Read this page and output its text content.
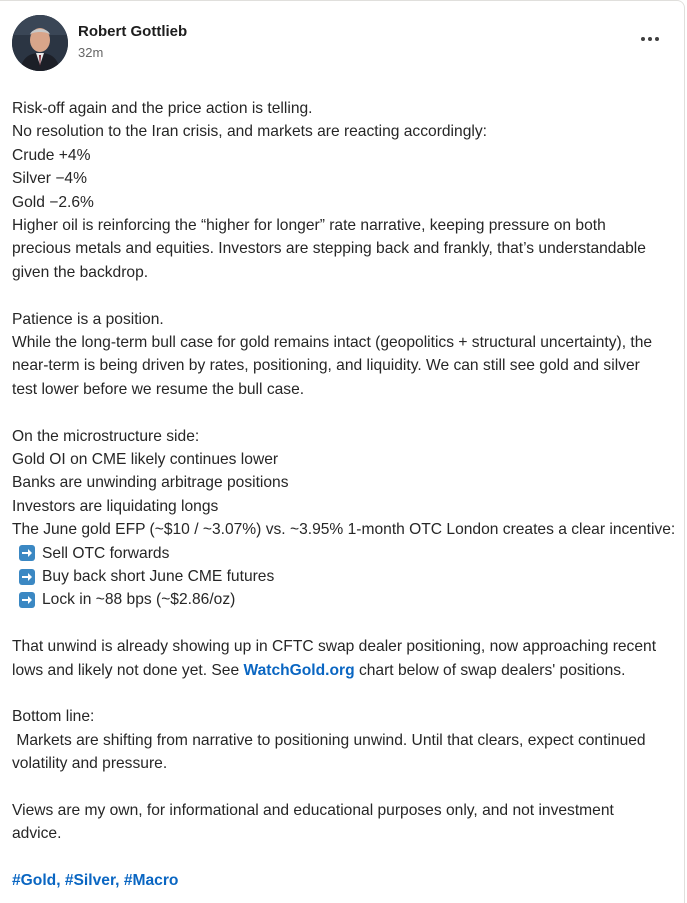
Robert Gottlieb
32m
Risk-off again and the price action is telling.
No resolution to the Iran crisis, and markets are reacting accordingly:
Crude +4%
Silver −4%
Gold −2.6%
Higher oil is reinforcing the “higher for longer” rate narrative, keeping pressure on both
precious metals and equities. Investors are stepping back and frankly, that’s understandable
given the backdrop.
Patience is a position.
While the long-term bull case for gold remains intact (geopolitics + structural uncertainty), the
near-term is being driven by rates, positioning, and liquidity. We can still see gold and silver
test lower before we resume the bull case.
On the microstructure side:
Gold OI on CME likely continues lower
Banks are unwinding arbitrage positions
Investors are liquidating longs
The June gold EFP (~$10 / ~3.07%) vs. ~3.95% 1-month OTC London creates a clear incentive:
Sell OTC forwards
Buy back short June CME futures
Lock in ~88 bps (~$2.86/oz)
That unwind is already showing up in CFTC swap dealer positioning, now approaching recent
lows and likely not done yet. See WatchGold.org chart below of swap dealers' positions.
Bottom line:
Markets are shifting from narrative to positioning unwind. Until that clears, expect continued
volatility and pressure.
Views are my own, for informational and educational purposes only, and not investment
advice.
#Gold, #Silver, #Macro
